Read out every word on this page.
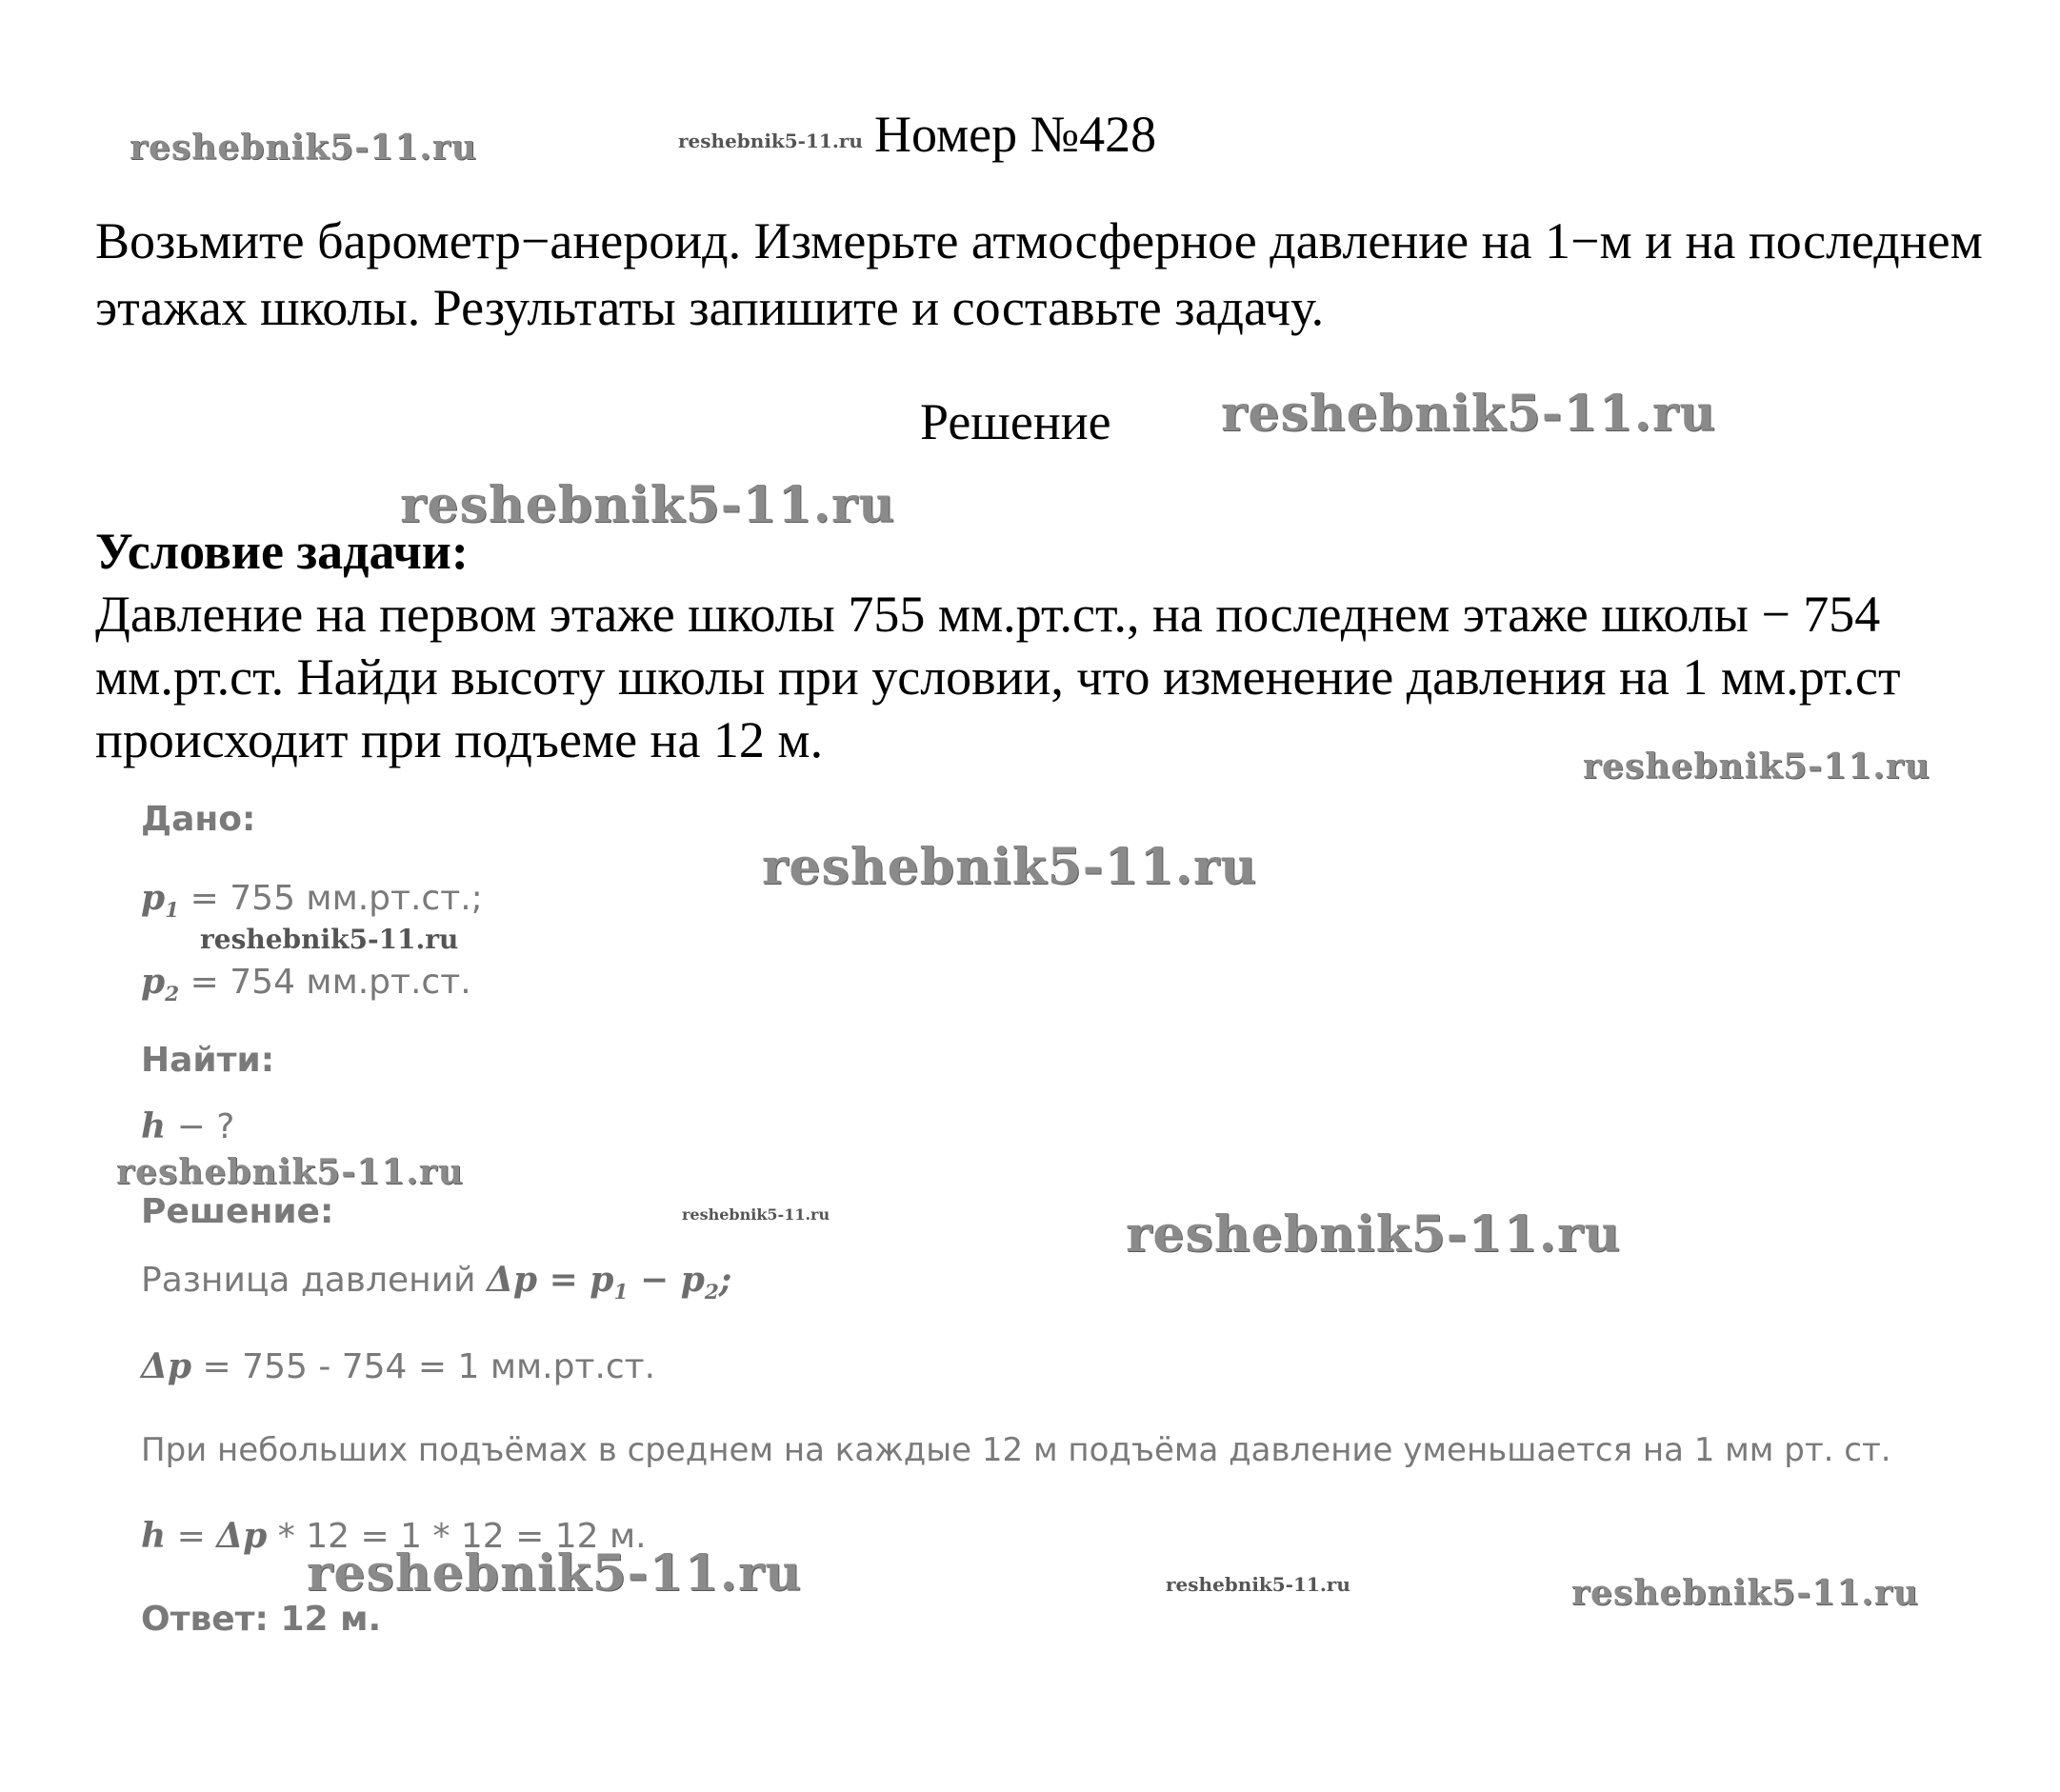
reshebnik5-11.ru	reshebnik5-11.ru
reshebnik5-11.ru
reshebnik5-11.ru
reshebnik5-11.ru
reshebnik5-11.ru
reshebnik5-11.ru
reshebnik5-11.ru
reshebnik5-11.ru	reshebnik5-11.ru
reshebnik5-11.ru	reshebnik5-11.ru	reshebnik5-11.ru
Номер №428
Возьмите барометр−анероид. Измерьте атмосферное давление на 1−м и на последнем этажах школы. Результаты запишите и составьте задачу.
Решение
Условие задачи:
Давление на первом этаже школы 755 мм.рт.ст., на последнем этаже школы − 754 мм.рт.ст. Найди высоту школы при условии, что изменение давления на 1 мм.рт.ст происходит при подъеме на 12 м.
Дано:
$p_1 = 755$ мм.рт.ст.;
$p_2 = 754$ мм.рт.ст.
Найти:
h − ?
Решение:
Разница давлений $\Delta p = p_1 - p_2$;
Δp = 755 - 754 = 1 мм.рт.ст.
При небольших подъёмах в среднем на каждые 12 м подъёма давление уменьшается на 1 мм рт. ст.
h = Δp * 12 = 1 * 12 = 12 м.
Ответ: 12 м.
